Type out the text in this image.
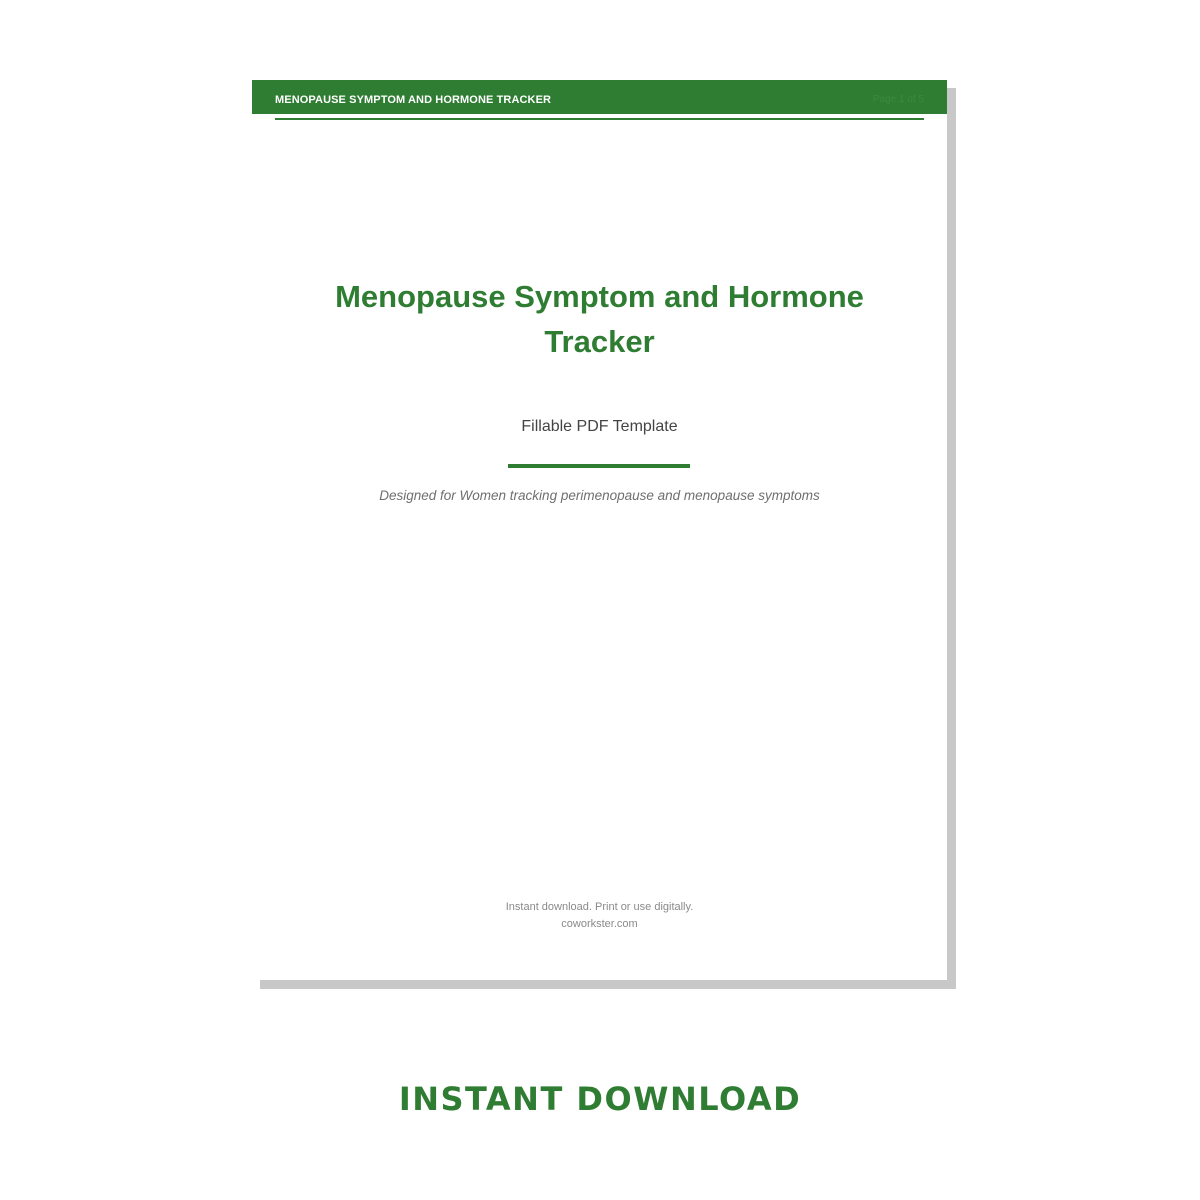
MENOPAUSE SYMPTOM AND HORMONE TRACKER	Page 1 of 5
Menopause Symptom and Hormone
Tracker
Fillable PDF Template
Designed for Women tracking perimenopause and menopause symptoms
Instant download. Print or use digitally.
coworkster.com
INSTANT DOWNLOAD
